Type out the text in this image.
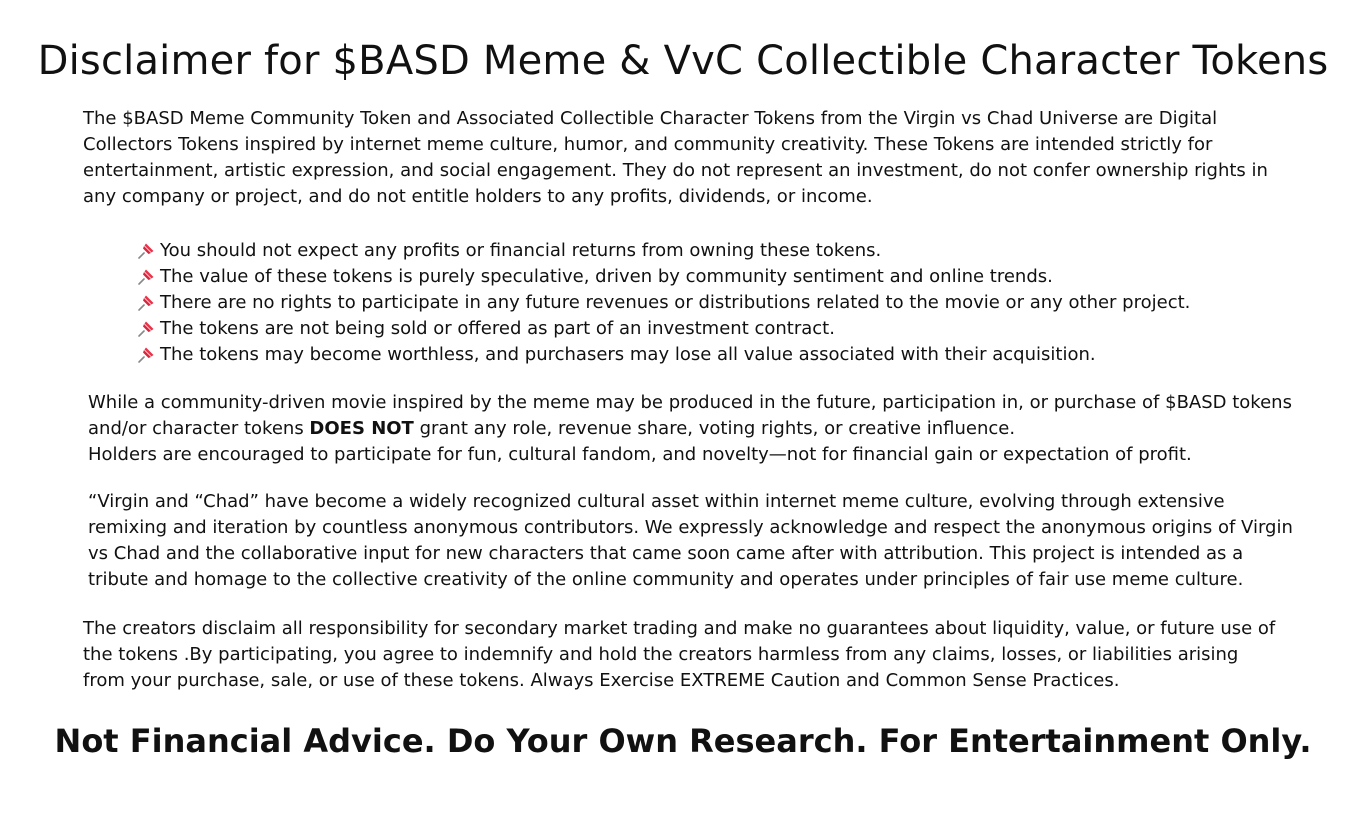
Disclaimer for $BASD Meme & VvC Collectible Character Tokens

The $BASD Meme Community Token and Associated Collectible Character Tokens from the Virgin vs Chad Universe are Digital Collectors Tokens inspired by internet meme culture, humor, and community creativity. These Tokens are intended strictly for entertainment, artistic expression, and social engagement. They do not represent an investment, do not confer ownership rights in any company or project, and do not entitle holders to any profits, dividends, or income.

You should not expect any profits or financial returns from owning these tokens.
The value of these tokens is purely speculative, driven by community sentiment and online trends.
There are no rights to participate in any future revenues or distributions related to the movie or any other project.
The tokens are not being sold or offered as part of an investment contract.
The tokens may become worthless, and purchasers may lose all value associated with their acquisition.

While a community-driven movie inspired by the meme may be produced in the future, participation in, or purchase of $BASD tokens and/or character tokens DOES NOT grant any role, revenue share, voting rights, or creative influence.
Holders are encouraged to participate for fun, cultural fandom, and novelty—not for financial gain or expectation of profit.

“Virgin and “Chad” have become a widely recognized cultural asset within internet meme culture, evolving through extensive remixing and iteration by countless anonymous contributors. We expressly acknowledge and respect the anonymous origins of Virgin vs Chad and the collaborative input for new characters that came soon came after with attribution. This project is intended as a tribute and homage to the collective creativity of the online community and operates under principles of fair use meme culture.

The creators disclaim all responsibility for secondary market trading and make no guarantees about liquidity, value, or future use of the tokens .By participating, you agree to indemnify and hold the creators harmless from any claims, losses, or liabilities arising from your purchase, sale, or use of these tokens. Always Exercise EXTREME Caution and Common Sense Practices.

Not Financial Advice. Do Your Own Research. For Entertainment Only.
